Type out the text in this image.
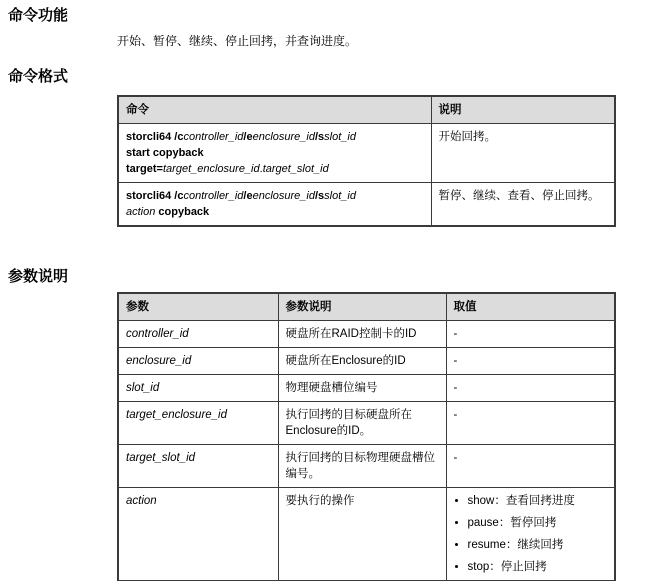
命令功能
开始、暂停、继续、停止回拷，并查询进度。
命令格式
命令	说明
storcli64 /ccontroller_id/eenclosure_id/sslot_id
start copyback
target=target_enclosure_id.target_slot_id	开始回拷。
storcli64 /ccontroller_id/eenclosure_id/sslot_id
action copyback	暂停、继续、查看、停止回拷。
参数说明
参数	参数说明	取值
controller_id	硬盘所在RAID控制卡的ID	-
enclosure_id	硬盘所在Enclosure的ID	-
slot_id	物理硬盘槽位编号	-
target_enclosure_id	执行回拷的目标硬盘所在Enclosure的ID。	-
target_slot_id	执行回拷的目标物理硬盘槽位编号。	-
action	要执行的操作	
•show：查看回拷进度
• pause：暂停回拷
• resume：继续回拷
• stop：停止回拷
